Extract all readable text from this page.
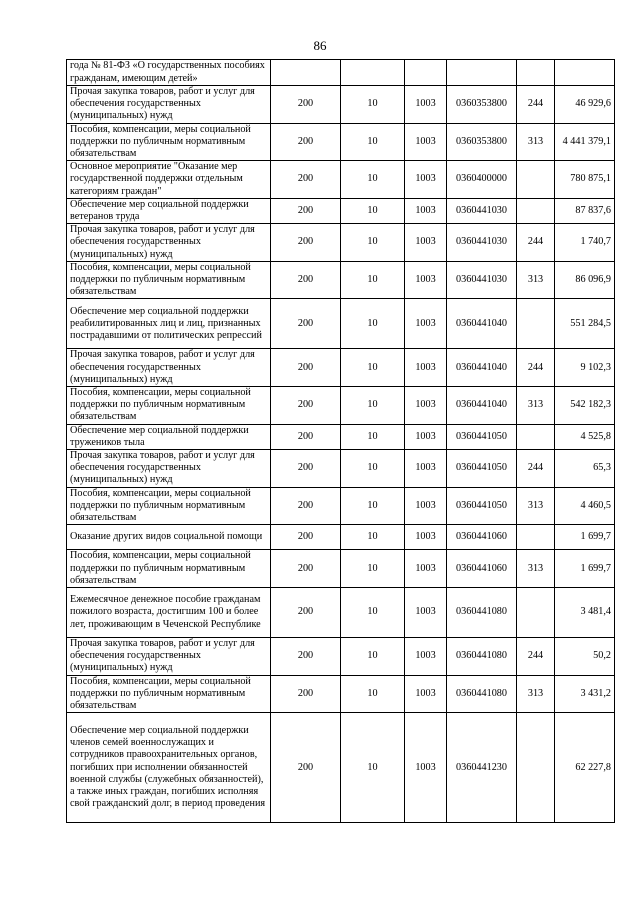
86
года № 81-ФЗ «О государственных пособиях гражданам, имеющим детей»						
Прочая закупка товаров, работ и услуг для обеспечения государственных (муниципальных) нужд	200	10	1003	0360353800	244	46 929,6
Пособия, компенсации, меры социальной поддержки по публичным нормативным обязательствам	200	10	1003	0360353800	313	4 441 379,1
Основное мероприятие "Оказание мер государственной поддержки отдельным категориям граждан"	200	10	1003	0360400000		780 875,1
Обеспечение мер социальной поддержки ветеранов труда	200	10	1003	0360441030		87 837,6
Прочая закупка товаров, работ и услуг для обеспечения государственных (муниципальных) нужд	200	10	1003	0360441030	244	1 740,7
Пособия, компенсации, меры социальной поддержки по публичным нормативным обязательствам	200	10	1003	0360441030	313	86 096,9
Обеспечение мер социальной поддержки реабилитированных лиц и лиц, признанных пострадавшими от политических репрессий	200	10	1003	0360441040		551 284,5
Прочая закупка товаров, работ и услуг для обеспечения государственных (муниципальных) нужд	200	10	1003	0360441040	244	9 102,3
Пособия, компенсации, меры социальной поддержки по публичным нормативным обязательствам	200	10	1003	0360441040	313	542 182,3
Обеспечение мер социальной поддержки тружеников тыла	200	10	1003	0360441050		4 525,8
Прочая закупка товаров, работ и услуг для обеспечения государственных (муниципальных) нужд	200	10	1003	0360441050	244	65,3
Пособия, компенсации, меры социальной поддержки по публичным нормативным обязательствам	200	10	1003	0360441050	313	4 460,5
Оказание других видов социальной помощи	200	10	1003	0360441060		1 699,7
Пособия, компенсации, меры социальной поддержки по публичным нормативным обязательствам	200	10	1003	0360441060	313	1 699,7
Ежемесячное денежное пособие гражданам пожилого возраста, достигшим 100 и более лет, проживающим в Чеченской Республике	200	10	1003	0360441080		3 481,4
Прочая закупка товаров, работ и услуг для обеспечения государственных (муниципальных) нужд	200	10	1003	0360441080	244	50,2
Пособия, компенсации, меры социальной поддержки по публичным нормативным обязательствам	200	10	1003	0360441080	313	3 431,2
Обеспечение мер социальной поддержки членов семей военнослужащих и сотрудников правоохранительных органов, погибших при исполнении обязанностей военной службы (служебных обязанностей), а также иных граждан, погибших исполняя свой гражданский долг, в период проведения	200	10	1003	0360441230		62 227,8
